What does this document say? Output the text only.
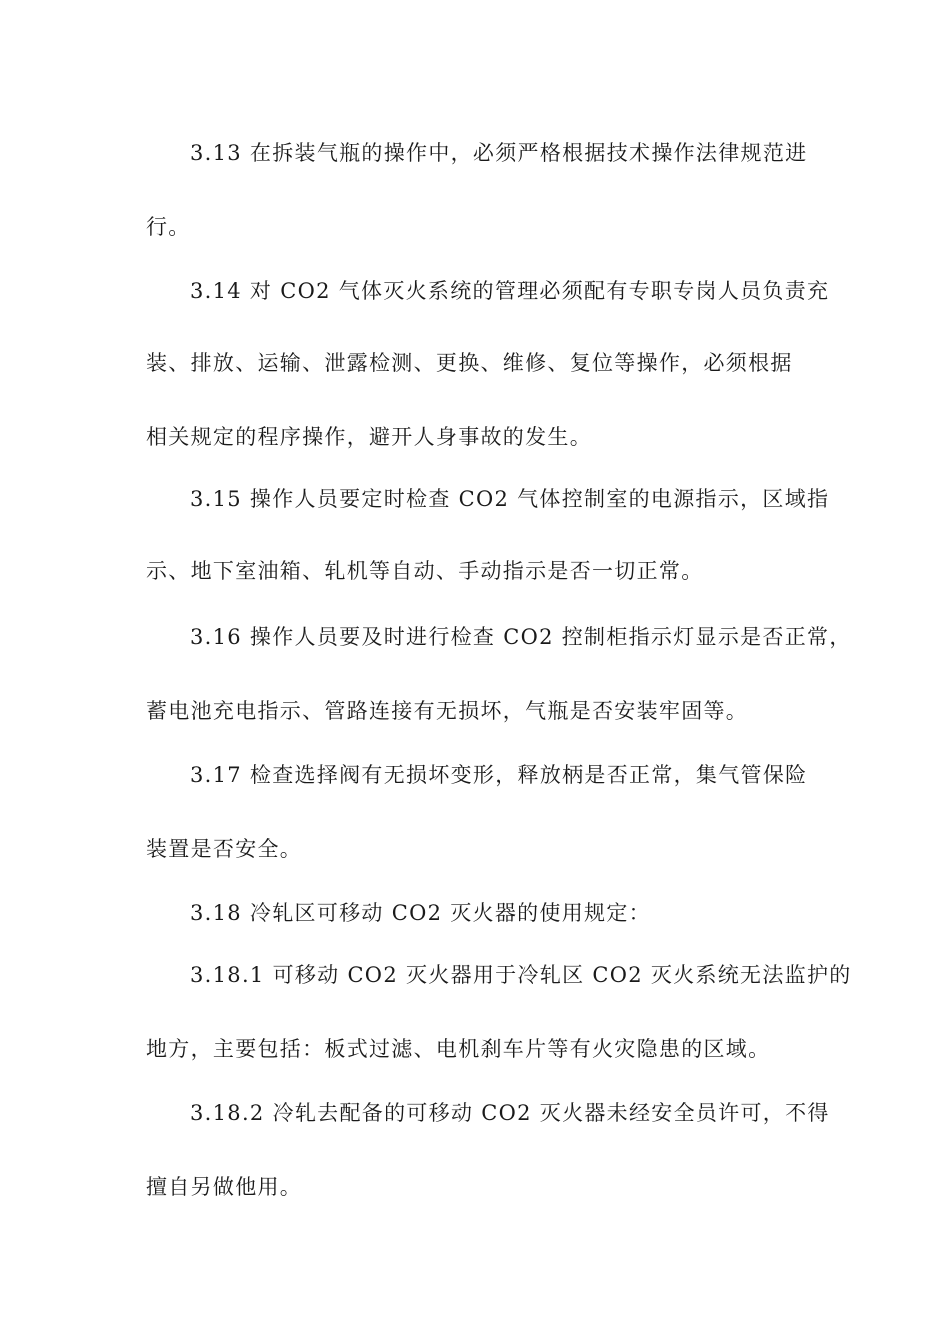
3.13 在拆装气瓶的操作中，必须严格根据技术操作法律规范进
行。
3.14 对 CO2 气体灭火系统的管理必须配有专职专岗人员负责充
装、排放、运输、泄露检测、更换、维修、复位等操作，必须根据
相关规定的程序操作，避开人身事故的发生。
3.15 操作人员要定时检查 CO2 气体控制室的电源指示，区域指
示、地下室油箱、轧机等自动、手动指示是否一切正常。
3.16 操作人员要及时进行检查 CO2 控制柜指示灯显示是否正常，
蓄电池充电指示、管路连接有无损坏，气瓶是否安装牢固等。
3.17 检查选择阀有无损坏变形，释放柄是否正常，集气管保险
装置是否安全。
3.18 冷轧区可移动 CO2 灭火器的使用规定：
3.18.1 可移动 CO2 灭火器用于冷轧区 CO2 灭火系统无法监护的
地方，主要包括：板式过滤、电机刹车片等有火灾隐患的区域。
3.18.2 冷轧去配备的可移动 CO2 灭火器未经安全员许可，不得
擅自另做他用。
